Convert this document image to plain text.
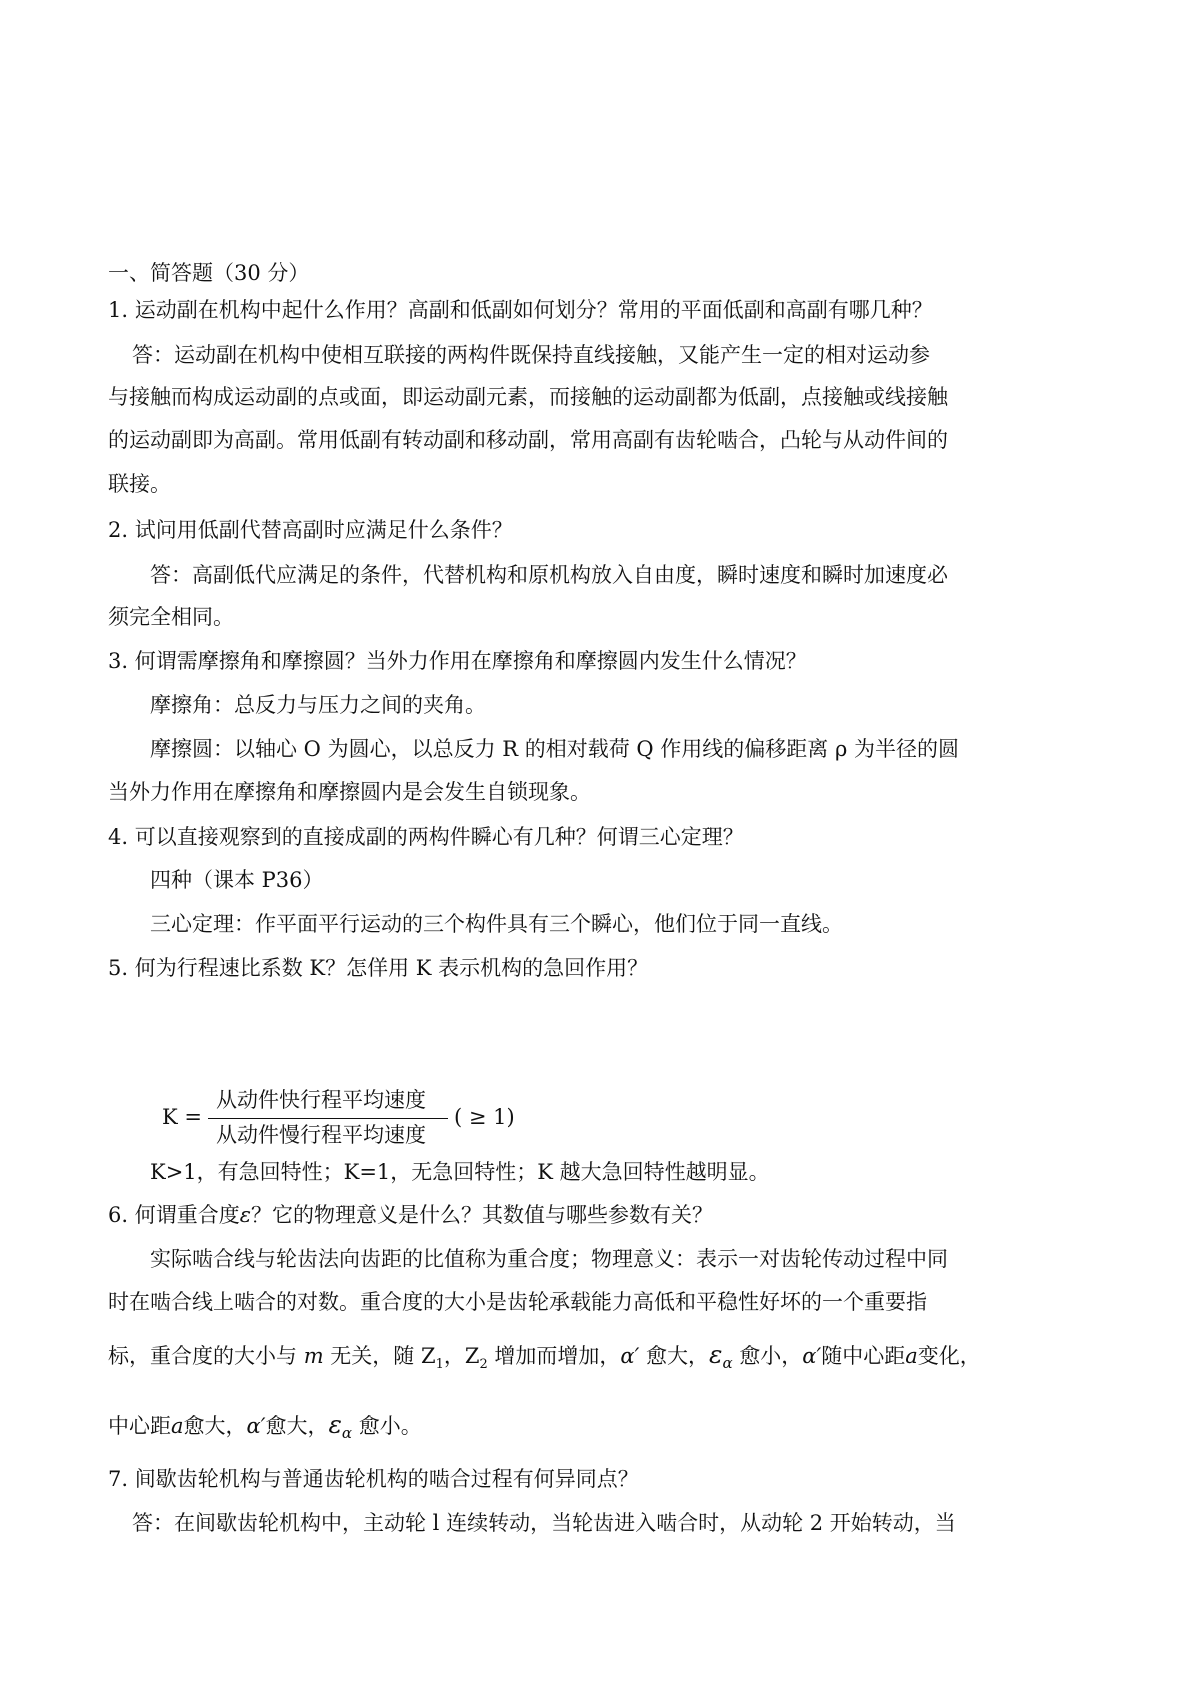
一、简答题（30 分）
1. 运动副在机构中起什么作用？高副和低副如何划分？常用的平面低副和高副有哪几种？
答：运动副在机构中使相互联接的两构件既保持直线接触，又能产生一定的相对运动参
与接触而构成运动副的点或面，即运动副元素，而接触的运动副都为低副，点接触或线接触
的运动副即为高副。常用低副有转动副和移动副，常用高副有齿轮啮合，凸轮与从动件间的
联接。
2. 试问用低副代替高副时应满足什么条件？
答：高副低代应满足的条件，代替机构和原机构放入自由度，瞬时速度和瞬时加速度必
须完全相同。
3. 何谓需摩擦角和摩擦圆？当外力作用在摩擦角和摩擦圆内发生什么情况？
摩擦角：总反力与压力之间的夹角。
摩擦圆：以轴心 O 为圆心，以总反力 R 的相对载荷 Q 作用线的偏移距离 ρ 为半径的圆
当外力作用在摩擦角和摩擦圆内是会发生自锁现象。
4. 可以直接观察到的直接成副的两构件瞬心有几种？何谓三心定理？
四种（课本 P36）
三心定理：作平面平行运动的三个构件具有三个瞬心，他们位于同一直线。
5. 何为行程速比系数 K？怎佯用 K 表示机构的急回作用？
K =
从动件快行程平均速度
从动件慢行程平均速度
( ≥ 1)
K>1，有急回特性；K=1，无急回特性；K 越大急回特性越明显。
6. 何谓重合度ε？它的物理意义是什么？其数值与哪些参数有关？
实际啮合线与轮齿法向齿距的比值称为重合度；物理意义：表示一对齿轮传动过程中同
时在啮合线上啮合的对数。重合度的大小是齿轮承载能力高低和平稳性好坏的一个重要指
标，重合度的大小与 m 无关，随 $Z_1$，$Z_2$ 增加而增加，α′ 愈大，$\varepsilon_\alpha$ 愈小，α′随中心距a变化，
中心距a愈大，α′愈大，$\varepsilon_\alpha$ 愈小。
7. 间歇齿轮机构与普通齿轮机构的啮合过程有何异同点？
答：在间歇齿轮机构中，主动轮 l 连续转动，当轮齿进入啮合时，从动轮 2 开始转动，当
